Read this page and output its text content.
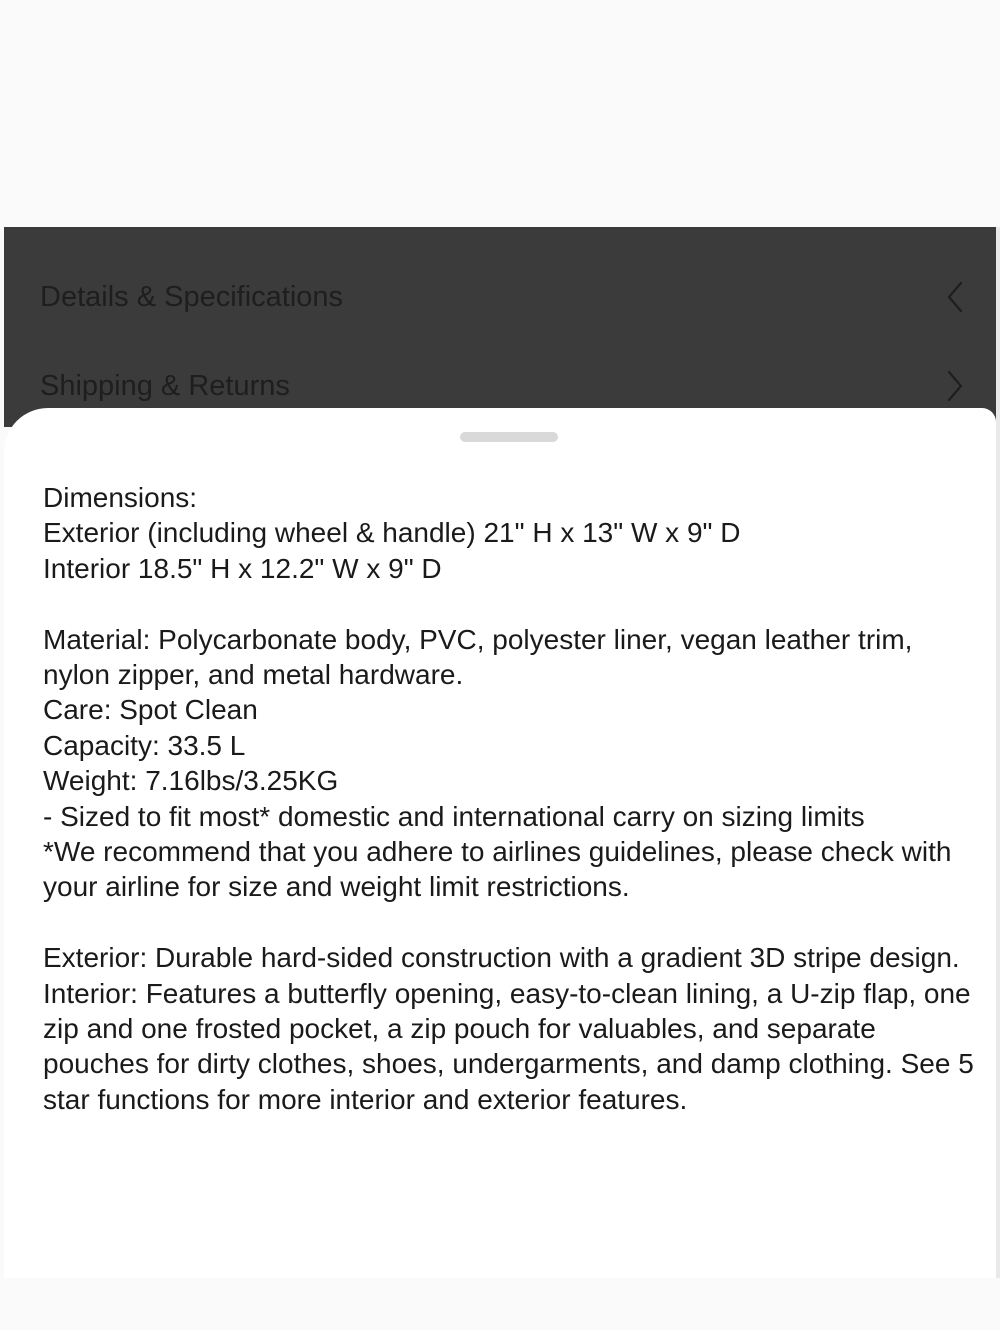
Details & Specifications
Shipping & Returns
Dimensions:
Exterior (including wheel & handle) 21" H x 13" W x 9" D
Interior 18.5" H x 12.2" W x 9" D
Material: Polycarbonate body, PVC, polyester liner, vegan leather trim, nylon zipper, and metal hardware.
Care: Spot Clean
Capacity: 33.5 L
Weight: 7.16lbs/3.25KG
- Sized to fit most* domestic and international carry on sizing limits
*We recommend that you adhere to airlines guidelines, please check with your airline for size and weight limit restrictions.
Exterior: Durable hard-sided construction with a gradient 3D stripe design.
Interior: Features a butterfly opening, easy-to-clean lining, a U-zip flap, one zip and one frosted pocket, a zip pouch for valuables, and separate pouches for dirty clothes, shoes, undergarments, and damp clothing. See 5 star functions for more interior and exterior features.
